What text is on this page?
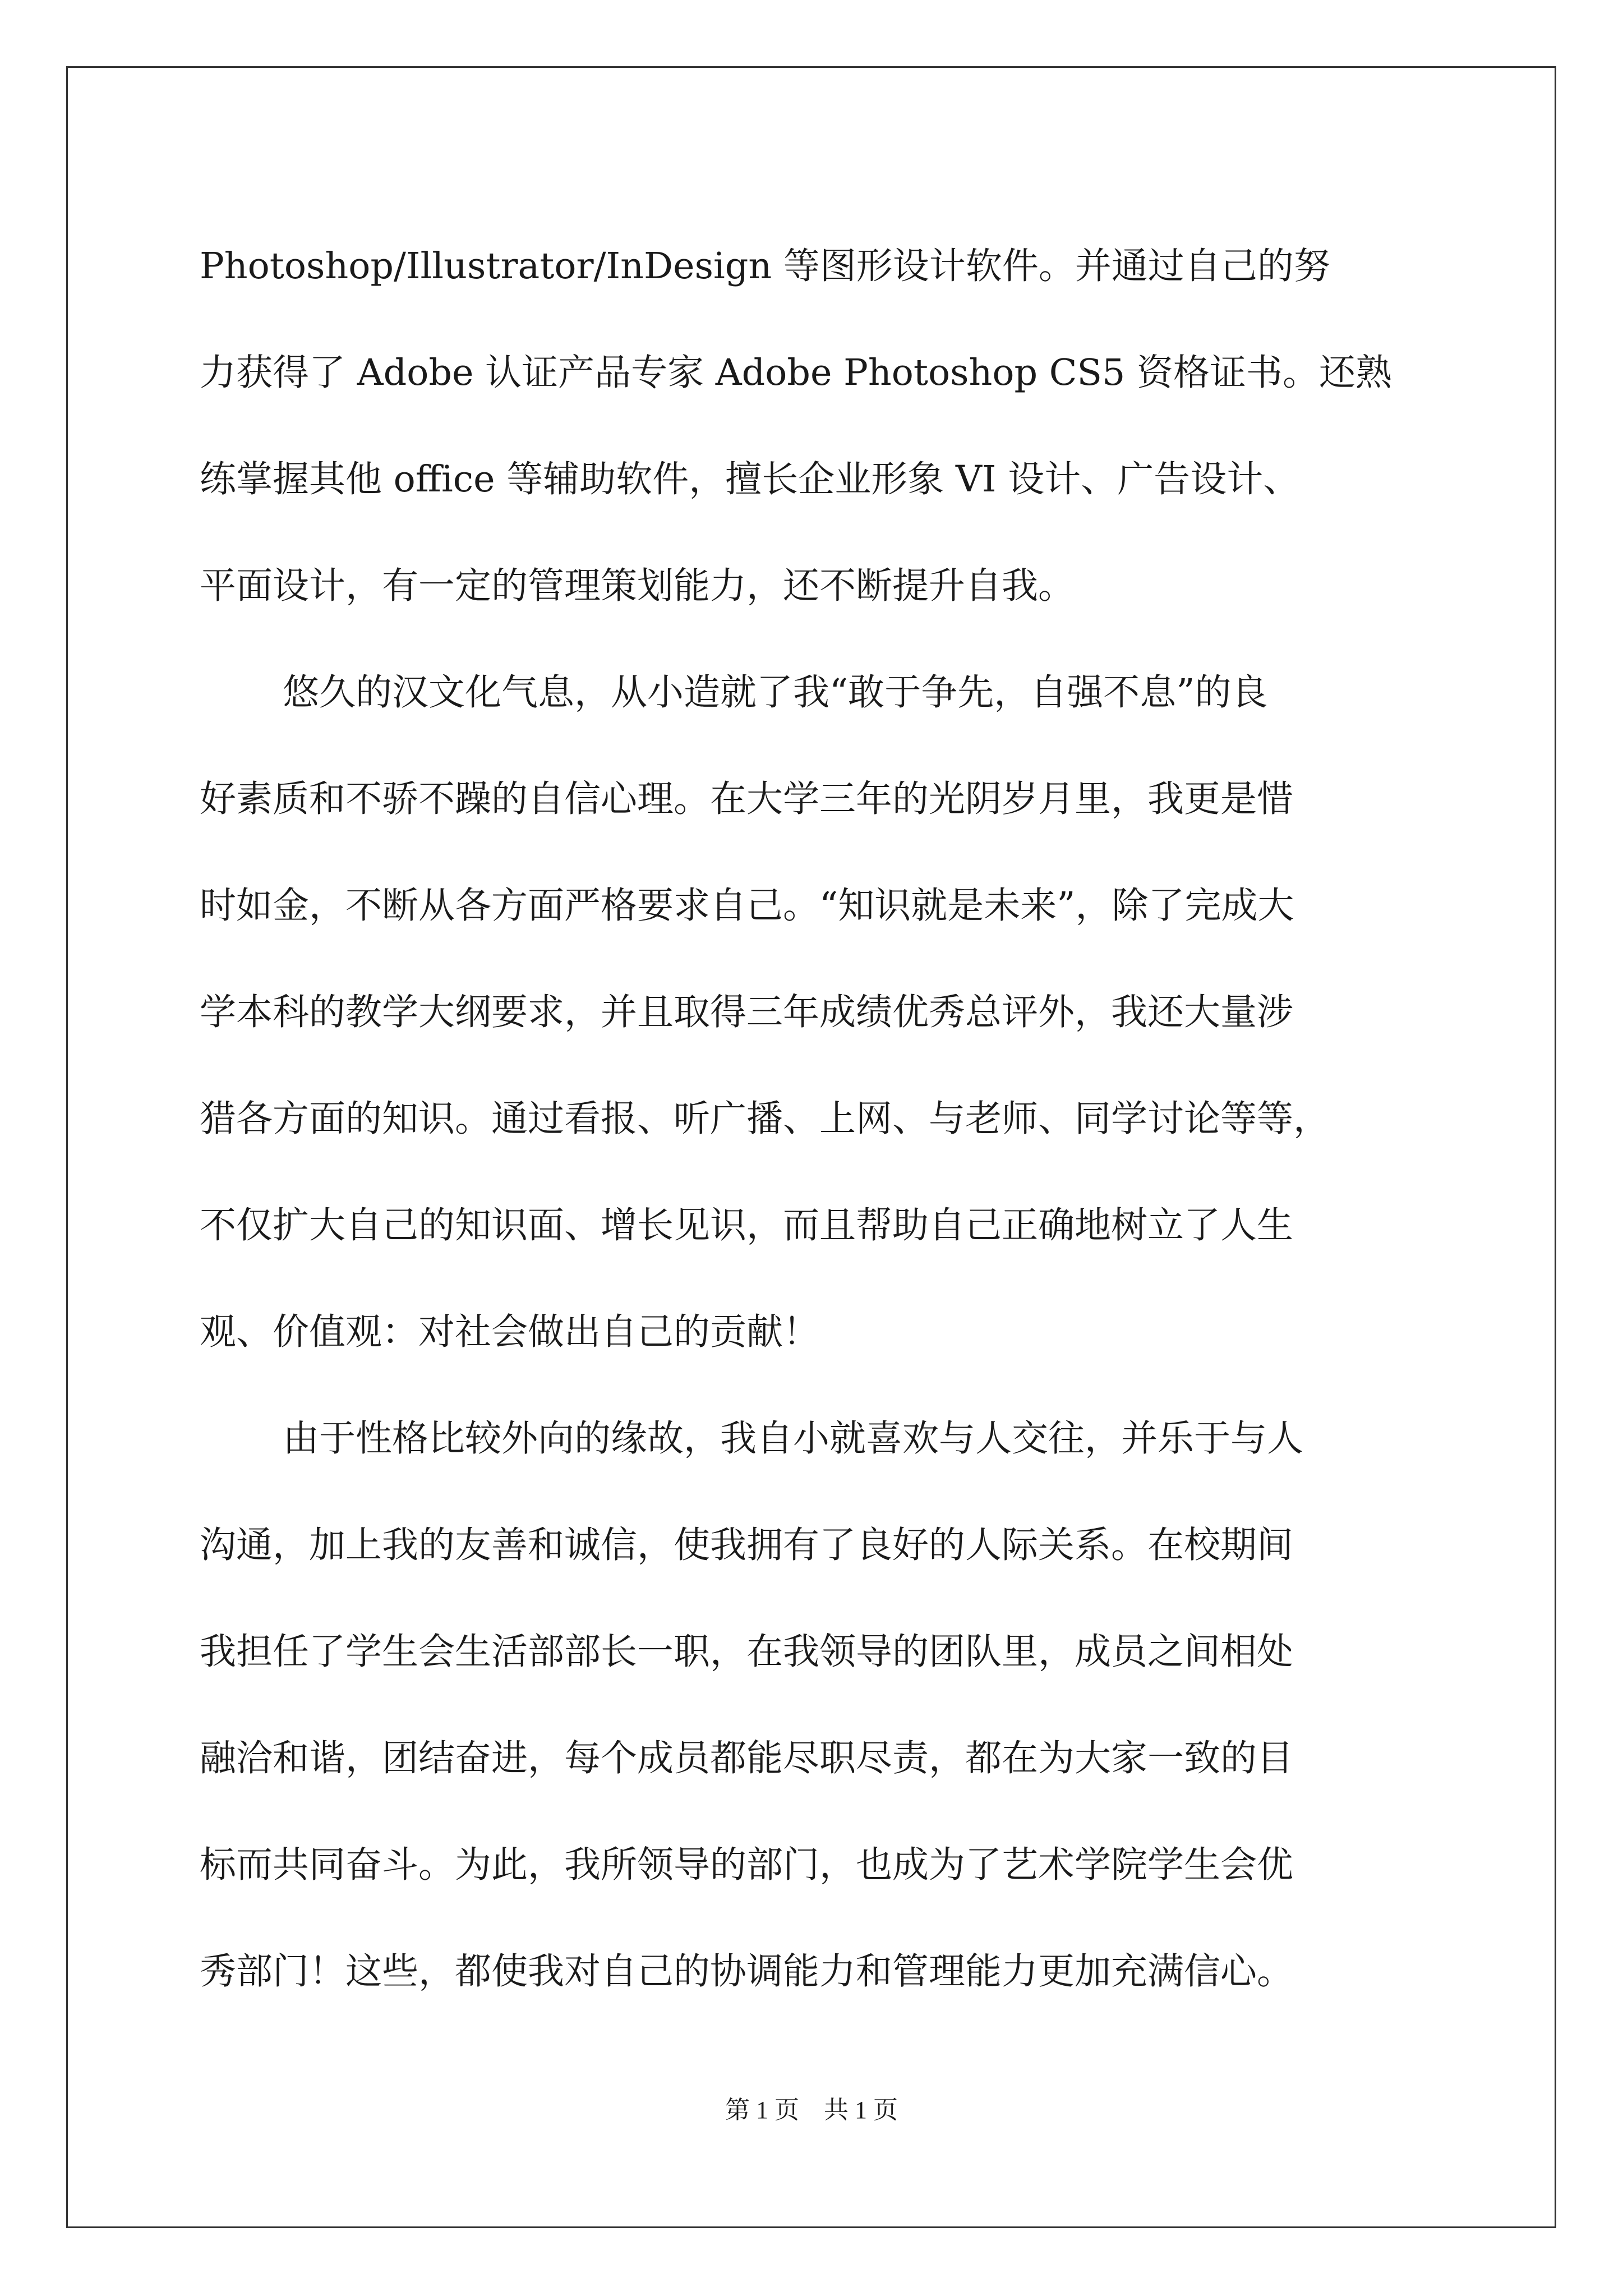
Photoshop/Illustrator/InDesign 等图形设计软件。并通过自己的努

力获得了 Adobe 认证产品专家 Adobe Photoshop CS5 资格证书。还熟

练掌握其他 office 等辅助软件，擅长企业形象 VI 设计、广告设计、

平面设计，有一定的管理策划能力，还不断提升自我。

悠久的汉文化气息，从小造就了我“敢于争先，自强不息”的良

好素质和不骄不躁的自信心理。在大学三年的光阴岁月里，我更是惜

时如金，不断从各方面严格要求自己。“知识就是未来”，除了完成大

学本科的教学大纲要求，并且取得三年成绩优秀总评外，我还大量涉

猎各方面的知识。通过看报、听广播、上网、与老师、同学讨论等等，

不仅扩大自己的知识面、增长见识，而且帮助自己正确地树立了人生

观、价值观：对社会做出自己的贡献！

由于性格比较外向的缘故，我自小就喜欢与人交往，并乐于与人

沟通，加上我的友善和诚信，使我拥有了良好的人际关系。在校期间

我担任了学生会生活部部长一职，在我领导的团队里，成员之间相处

融洽和谐，团结奋进，每个成员都能尽职尽责，都在为大家一致的目

标而共同奋斗。为此，我所领导的部门，也成为了艺术学院学生会优

秀部门！这些，都使我对自己的协调能力和管理能力更加充满信心。

第 1 页    共 1 页
